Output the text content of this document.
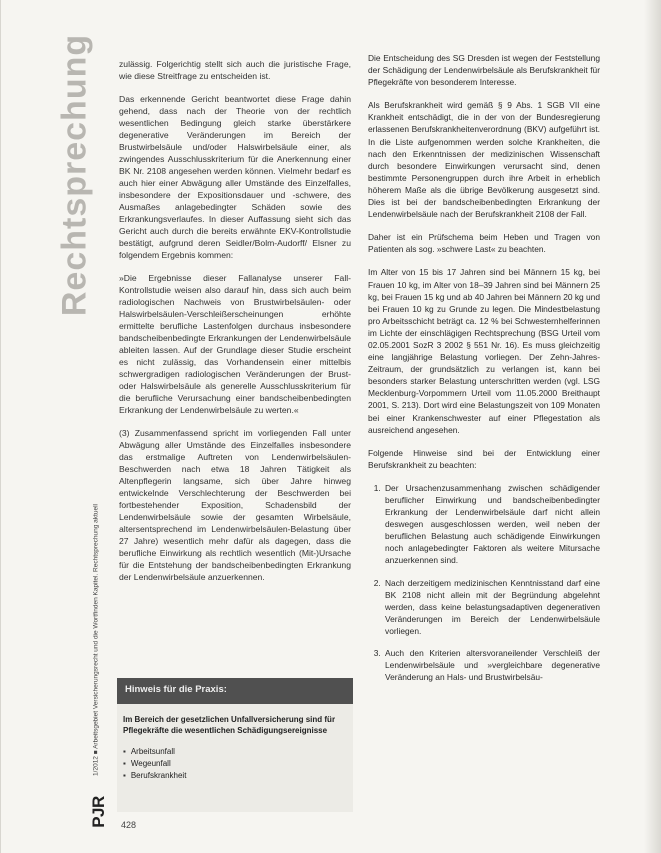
Rechtsprechung
1/2012 ■ Arbeitsgebiet Versicherungsrecht und die Wortfinden Kapitel. Rechtsprechung aktuell
PJR

zulässig. Folgerichtig stellt sich auch die juristische Frage, wie diese Streitfrage zu entscheiden ist.

Das erkennende Gericht beantwortet diese Frage dahin gehend, dass nach der Theorie von der rechtlich wesentlichen Bedingung gleich starke überstärkere degenerative Veränderungen im Bereich der Brustwirbelsäule und/oder Halswirbelsäule einer, als zwingendes Ausschlusskriterium für die Anerkennung einer BK Nr. 2108 angesehen werden können. Vielmehr bedarf es auch hier einer Abwägung aller Umstände des Einzelfalles, insbesondere der Expositionsdauer und -schwere, des Ausmaßes anlagebedingter Schäden sowie des Erkrankungsverlaufes. In dieser Auffassung sieht sich das Gericht auch durch die bereits erwähnte EKV-Kontrollstudie bestätigt, aufgrund deren Seidler/Bolm-Audorff/ Elsner zu folgendem Ergebnis kommen:

»Die Ergebnisse dieser Fallanalyse unserer Fall-Kontrollstudie weisen also darauf hin, dass sich auch beim radiologischen Nachweis von Brustwirbelsäulen- oder Halswirbelsäulen-Verschleißerscheinungen erhöhte ermittelte berufliche Lastenfolgen durchaus insbesondere bandscheibenbedingte Erkrankungen der Lendenwirbelsäule ableiten lassen. Auf der Grundlage dieser Studie erscheint es nicht zulässig, das Vorhandensein einer mittelbis schwergradigen radiologischen Veränderungen der Brust- oder Halswirbelsäule als generelle Ausschlusskriterium für die berufliche Verursachung einer bandscheibenbedingten Erkrankung der Lendenwirbelsäule zu werten.«

(3) Zusammenfassend spricht im vorliegenden Fall unter Abwägung aller Umstände des Einzelfalles insbesondere das erstmalige Auftreten von Lendenwirbelsäulen-Beschwerden nach etwa 18 Jahren Tätigkeit als Altenpflegerin langsame, sich über Jahre hinweg entwickelnde Verschlechterung der Beschwerden bei fortbestehender Exposition, Schadensbild der Lendenwirbelsäule sowie der gesamten Wirbelsäule, altersentsprechend im Lendenwirbelsäulen-Belastung über 27 Jahre) wesentlich mehr dafür als dagegen, dass die berufliche Einwirkung als rechtlich wesentlich (Mit-)Ursache für die Entstehung der bandscheibenbedingten Erkrankung der Lendenwirbelsäule anzuerkennen.

Hinweis für die Praxis:

Im Bereich der gesetzlichen Unfallversicherung sind für Pflegekräfte die wesentlichen Schädigungsereignisse

▪ Arbeitsunfall
▪ Wegeunfall
▪ Berufskrankheit
428

Die Entscheidung des SG Dresden ist wegen der Feststellung der Schädigung der Lendenwirbelsäule als Berufskrankheit für Pflegekräfte von besonderem Interesse.

Als Berufskrankheit wird gemäß § 9 Abs. 1 SGB VII eine Krankheit entschädigt, die in der von der Bundesregierung erlassenen Berufskrankheitenverordnung (BKV) aufgeführt ist. In die Liste aufgenommen werden solche Krankheiten, die nach den Erkenntnissen der medizinischen Wissenschaft durch besondere Einwirkungen verursacht sind, denen bestimmte Personengruppen durch ihre Arbeit in erheblich höherem Maße als die übrige Bevölkerung ausgesetzt sind. Dies ist bei der bandscheibenbedingten Erkrankung der Lendenwirbelsäule nach der Berufskrankheit 2108 der Fall.

Daher ist ein Prüfschema beim Heben und Tragen von Patienten als sog. »schwere Last« zu beachten.

Im Alter von 15 bis 17 Jahren sind bei Männern 15 kg, bei Frauen 10 kg, im Alter von 18–39 Jahren sind bei Männern 25 kg, bei Frauen 15 kg und ab 40 Jahren bei Männern 20 kg und bei Frauen 10 kg zu Grunde zu legen. Die Mindestbelastung pro Arbeitsschicht beträgt ca. 12 % bei Schwesternhelferinnen im Lichte der einschlägigen Rechtsprechung (BSG Urteil vom 02.05.2001 SozR 3 2002 § 551 Nr. 16). Es muss gleichzeitig eine langjährige Belastung vorliegen. Der Zehn-Jahres-Zeitraum, der grundsätzlich zu verlangen ist, kann bei besonders starker Belastung unterschritten werden (vgl. LSG Mecklenburg-Vorpommern Urteil vom 11.05.2000 Breithaupt 2001, S. 213). Dort wird eine Belastungszeit von 109 Monaten bei einer Krankenschwester auf einer Pflegestation als ausreichend angesehen.

Folgende Hinweise sind bei der Entwicklung einer Berufskrankheit zu beachten:

1. Der Ursachenzusammenhang zwischen schädigender beruflicher Einwirkung und bandscheibenbedingter Erkrankung der Lendenwirbelsäule darf nicht allein deswegen ausgeschlossen werden, weil neben der beruflichen Belastung auch schädigende Einwirkungen noch anlagebedingter Faktoren als weitere Mitursache anzuerkennen sind.
2. Nach derzeitigem medizinischen Kenntnisstand darf eine BK 2108 nicht allein mit der Begründung abgelehnt werden, dass keine belastungsadaptiven degenerativen Veränderungen im Bereich der Lendenwirbelsäule vorliegen.
3. Auch den Kriterien altersvoraneilender Verschleiß der Lendenwirbelsäule und »vergleichbare degenerative Veränderung an Hals- und Brustwirbelsäu-
